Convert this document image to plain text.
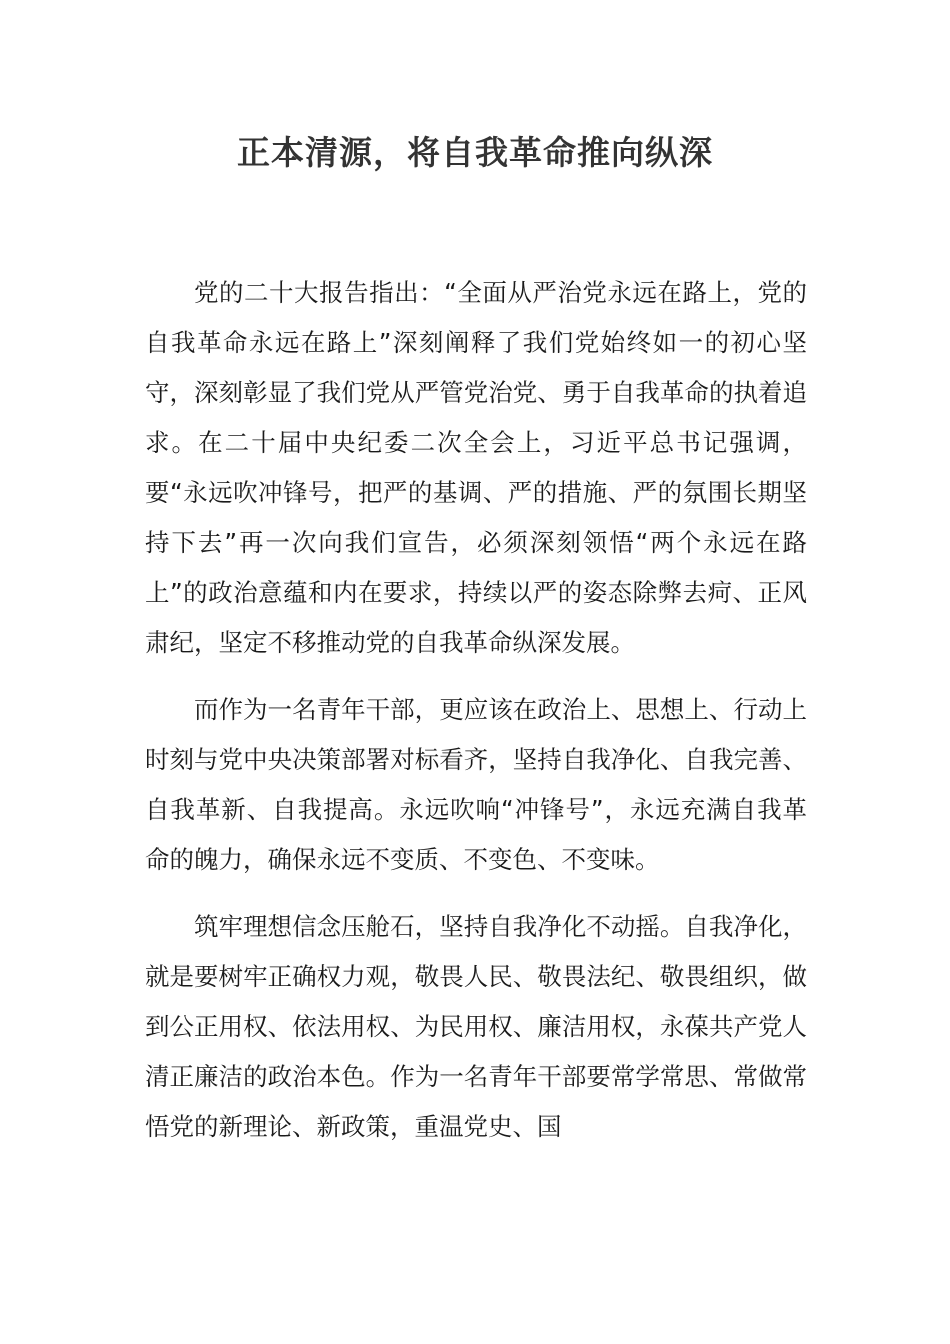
正本清源，将自我革命推向纵深

党的二十大报告指出：“全面从严治党永远在路上，党的自我革命永远在路上”深刻阐释了我们党始终如一的初心坚守，深刻彰显了我们党从严管党治党、勇于自我革命的执着追求。在二十届中央纪委二次全会上，习近平总书记强调，要“永远吹冲锋号，把严的基调、严的措施、严的氛围长期坚持下去”再一次向我们宣告，必须深刻领悟“两个永远在路上”的政治意蕴和内在要求，持续以严的姿态除弊去疴、正风肃纪，坚定不移推动党的自我革命纵深发展。

而作为一名青年干部，更应该在政治上、思想上、行动上时刻与党中央决策部署对标看齐，坚持自我净化、自我完善、自我革新、自我提高。永远吹响“冲锋号”，永远充满自我革命的魄力，确保永远不变质、不变色、不变味。

筑牢理想信念压舱石，坚持自我净化不动摇。自我净化，就是要树牢正确权力观，敬畏人民、敬畏法纪、敬畏组织，做到公正用权、依法用权、为民用权、廉洁用权，永葆共产党人清正廉洁的政治本色。作为一名青年干部要常学常思、常做常悟党的新理论、新政策，重温党史、国
